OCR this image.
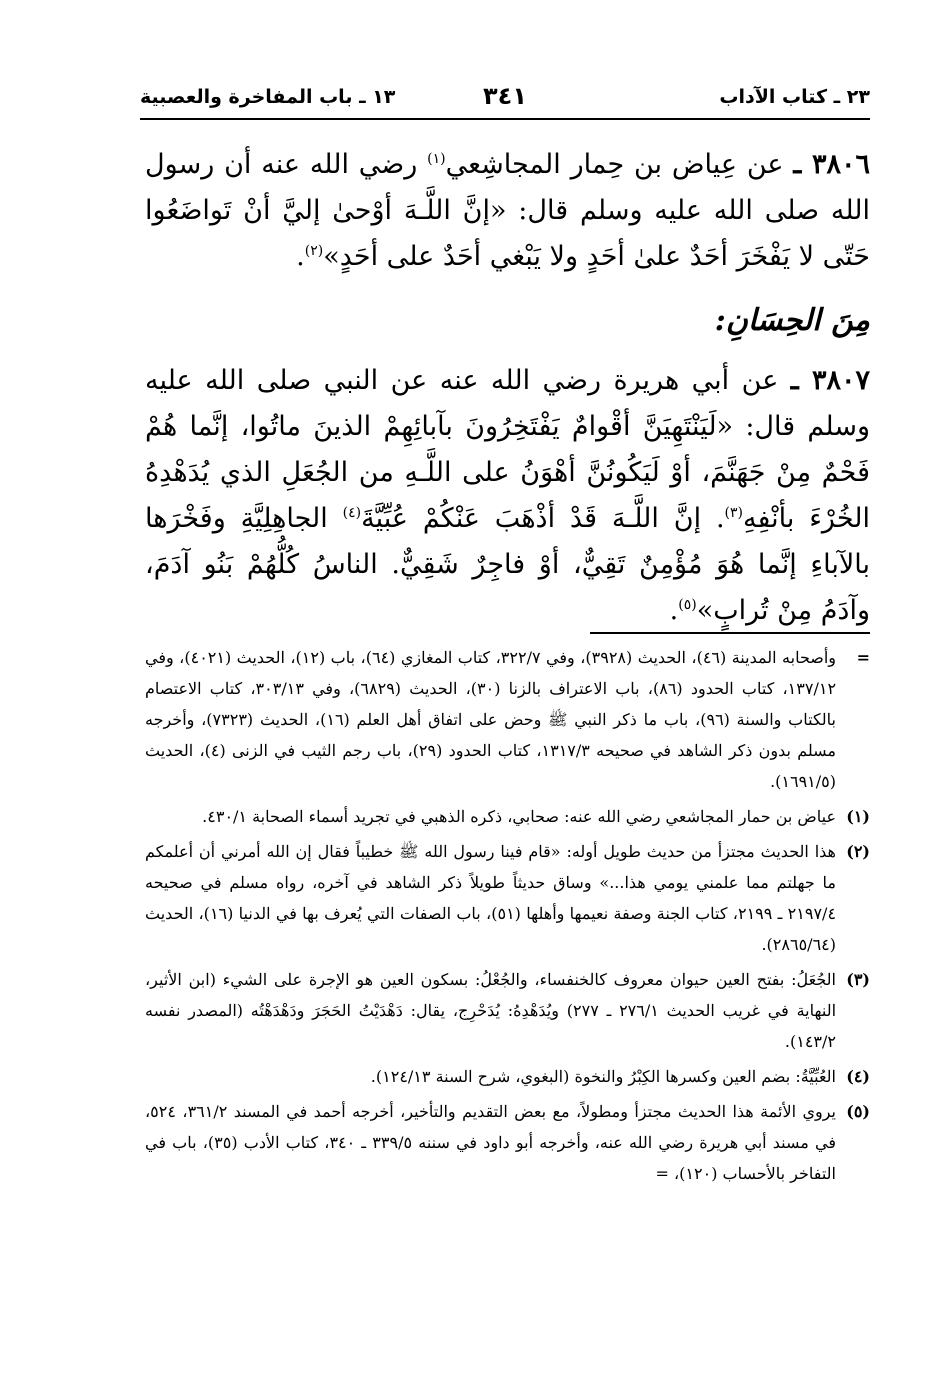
٢٣ ـ كتاب الآداب
٣٤١
١٣ ـ باب المفاخرة والعصبية

٣٨٠٦ ـ عن عِياض بن حِمار المجاشِعي$^{(١)}$ رضي الله عنه أن رسول الله صلى الله عليه وسلم قال: «إنَّ اللَّـهَ أوْحىٰ إليَّ أنْ تَواضَعُوا حَتّى لا يَفْخَرَ أحَدٌ علىٰ أحَدٍ ولا يَبْغي أحَدٌ على أحَدٍ»$^{(٢)}$.

مِنَ الحِسَانِ:

٣٨٠٧ ـ عن أبي هريرة رضي الله عنه عن النبي صلى الله عليه وسلم قال: «لَيَنْتَهِيَنَّ أقْوامٌ يَفْتَخِرُونَ بآبائِهِمْ الذينَ ماتُوا، إنَّما هُمْ فَحْمٌ مِنْ جَهَنَّمَ، أوْ لَيَكُونُنَّ أهْوَنُ على اللَّـهِ من الجُعَلِ الذي يُدَهْدِهُ الخُرْءَ بأنْفِهِ$^{(٣)}$. إنَّ اللَّـهَ قَدْ أذْهَبَ عَنْكُمْ عُبِّيَّةَ$^{(٤)}$ الجاهِلِيَّةِ وفَخْرَها بالآباءِ إنَّما هُوَ مُؤْمِنٌ تَقِيٌّ، أوْ فاجِرٌ شَقِيٌّ. الناسُ كُلُّهُمْ بَنُو آدَمَ، وآدَمُ مِنْ تُرابٍ»$^{(٥)}$.

=
وأصحابه المدينة (٤٦)، الحديث (٣٩٢٨)، وفي ٣٢٢/٧، كتاب المغازي (٦٤)، باب (١٢)، الحديث (٤٠٢١)، وفي ١٣٧/١٢، كتاب الحدود (٨٦)، باب الاعتراف بالزنا (٣٠)، الحديث (٦٨٢٩)، وفي ٣٠٣/١٣، كتاب الاعتصام بالكتاب والسنة (٩٦)، باب ما ذكر النبي ﷺ وحض على اتفاق أهل العلم (١٦)، الحديث (٧٣٢٣)، وأخرجه مسلم بدون ذكر الشاهد في صحيحه ١٣١٧/٣، كتاب الحدود (٢٩)، باب رجم الثيب في الزنى (٤)، الحديث (١٦٩١/٥).
(١)
عياض بن حمار المجاشعي رضي الله عنه: صحابي، ذكره الذهبي في تجريد أسماء الصحابة ٤٣٠/١.
(٢)
هذا الحديث مجتزأ من حديث طويل أوله: «قام فينا رسول الله ﷺ خطيباً فقال إن الله أمرني أن أعلمكم ما جهلتم مما علمني يومي هذا...» وساق حديثاً طويلاً ذكر الشاهد في آخره، رواه مسلم في صحيحه ٢١٩٧/٤ ـ ٢١٩٩، كتاب الجنة وصفة نعيمها وأهلها (٥١)، باب الصفات التي يُعرف بها في الدنيا (١٦)، الحديث (٢٨٦٥/٦٤).
(٣)
الجُعَلُ: بفتح العين حيوان معروف كالخنفساء، والجُعْلُ: بسكون العين هو الإجرة على الشيء (ابن الأثير، النهاية في غريب الحديث ٢٧٦/١ ـ ٢٧٧) ويُدَهْدِهُ: يُدَحْرِج، يقال: دَهْدَيْتُ الحَجَرَ ودَهْدَهْتُه (المصدر نفسه ١٤٣/٢).
(٤)
العُبِّيَّةُ: بضم العين وكسرها الكِبْرُ والنخوة (البغوي، شرح السنة ١٢٤/١٣).
(٥)
يروي الأئمة هذا الحديث مجتزأ ومطولاً، مع بعض التقديم والتأخير، أخرجه أحمد في المسند ٣٦١/٢، ٥٢٤، في مسند أبي هريرة رضي الله عنه، وأخرجه أبو داود في سننه ٣٣٩/٥ ـ ٣٤٠، كتاب الأدب (٣٥)، باب في التفاخر بالأحساب (١٢٠)، =
